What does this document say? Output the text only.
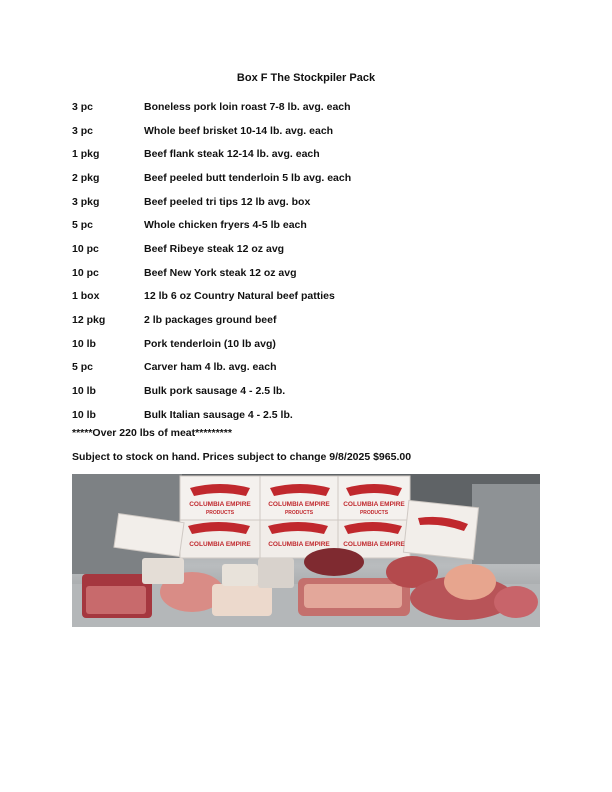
Box F The Stockpiler Pack
3 pc	Boneless pork loin roast 7-8 lb. avg. each
3 pc	Whole beef brisket 10-14 lb. avg. each
1 pkg	Beef flank steak 12-14 lb. avg. each
2 pkg	Beef peeled butt tenderloin 5 lb avg. each
3 pkg	Beef peeled tri tips 12 lb avg. box
5 pc	Whole chicken fryers 4-5 lb each
10 pc	Beef Ribeye steak 12 oz avg
10 pc	Beef New York steak 12 oz avg
1 box	12 lb 6 oz Country Natural beef patties
12 pkg	2 lb packages ground beef
10 lb	Pork tenderloin (10 lb avg)
5 pc	Carver ham 4 lb. avg. each
10 lb	Bulk pork sausage 4 - 2.5 lb.
10 lb	Bulk Italian sausage 4 - 2.5 lb.
*****Over 220 lbs of meat*********
Subject to stock on hand. Prices subject to change 9/8/2025 $965.00
COLUMBIA EMPIRE	COLUMBIA EMPIRE COLUMBIA EMPIRE
PRODUCTS	PRODUCTS	PRODUCTS
COLUMBIA EMPIRE	COLUMBIA EMPIRE COLUMBIA EMPIRE
